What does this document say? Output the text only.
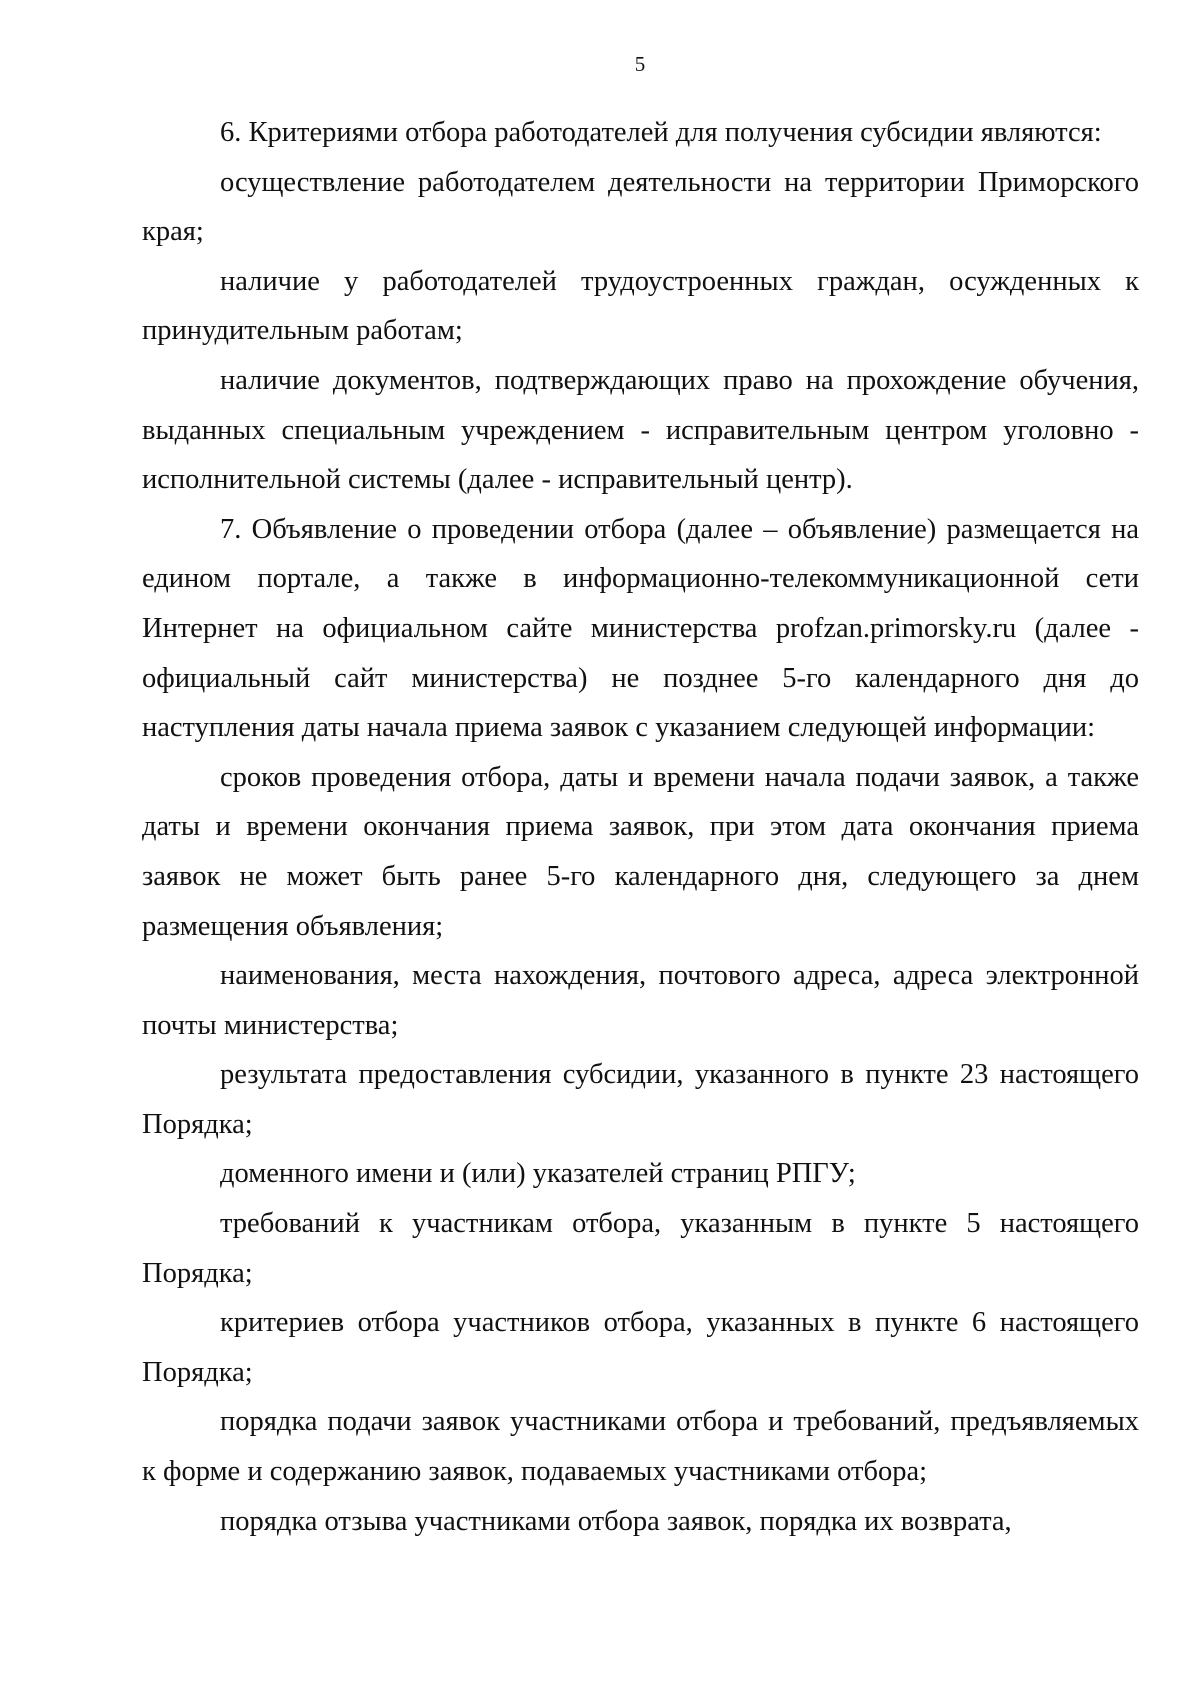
5

6. Критериями отбора работодателей для получения субсидии являются:

осуществление работодателем деятельности на территории Приморского края;

наличие у работодателей трудоустроенных граждан, осужденных к принудительным работам;

наличие документов, подтверждающих право на прохождение обучения, выданных специальным учреждением - исправительным центром уголовно - исполнительной системы (далее - исправительный центр).

7. Объявление о проведении отбора (далее – объявление) размещается на едином портале, а также в информационно-телекоммуникационной сети Интернет на официальном сайте министерства profzan.primorsky.ru (далее - официальный сайт министерства) не позднее 5-го календарного дня до наступления даты начала приема заявок с указанием следующей информации:

сроков проведения отбора, даты и времени начала подачи заявок, а также даты и времени окончания приема заявок, при этом дата окончания приема заявок не может быть ранее 5-го календарного дня, следующего за днем размещения объявления;

наименования, места нахождения, почтового адреса, адреса электронной почты министерства;

результата предоставления субсидии, указанного в пункте 23 настоящего Порядка;

доменного имени и (или) указателей страниц РПГУ;

требований к участникам отбора, указанным в пункте 5 настоящего Порядка;

критериев отбора участников отбора, указанных в пункте 6 настоящего Порядка;

порядка подачи заявок участниками отбора и требований, предъявляемых к форме и содержанию заявок, подаваемых участниками отбора;

порядка отзыва участниками отбора заявок, порядка их возврата,
